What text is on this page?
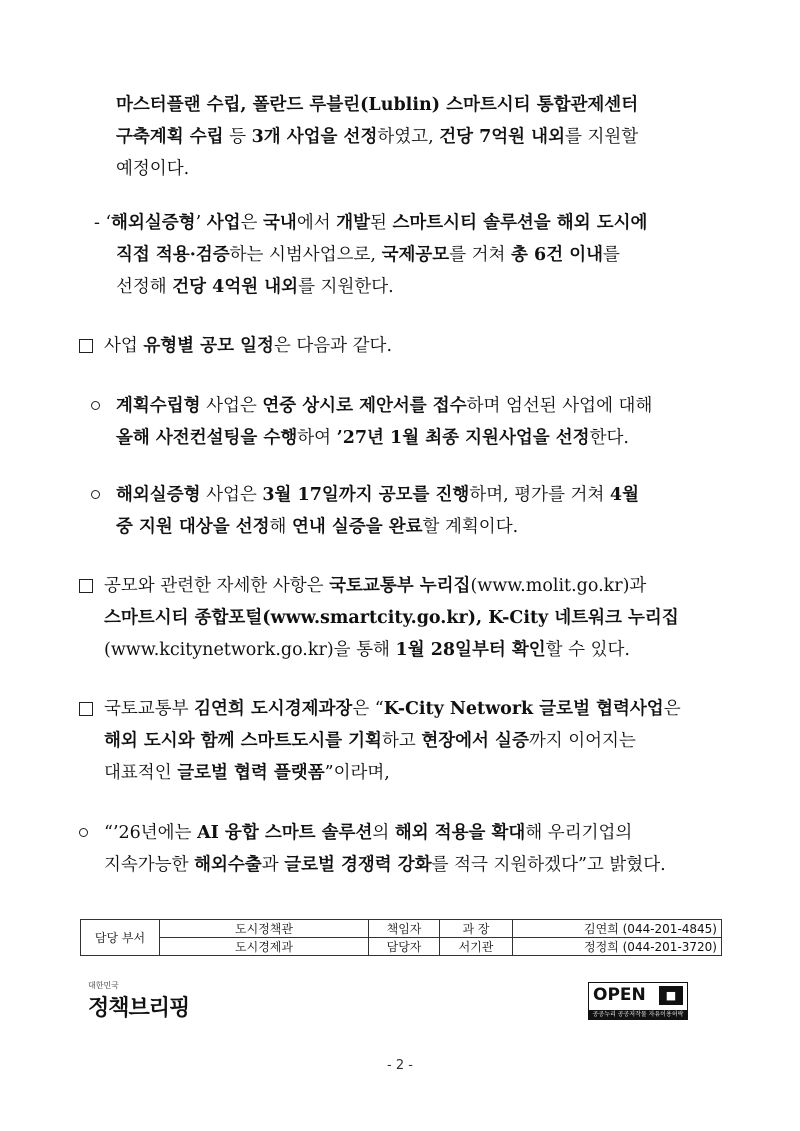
마스터플랜 수립, 폴란드 루블린(Lublin) 스마트시티 통합관제센터
구축계획 수립 등 3개 사업을 선정하였고, 건당 7억원 내외를 지원할
예정이다.
- ‘해외실증형’ 사업은 국내에서 개발된 스마트시티 솔루션을 해외 도시에
직접 적용·검증하는 시범사업으로, 국제공모를 거쳐 총 6건 이내를
선정해 건당 4억원 내외를 지원한다.
사업 유형별 공모 일정은 다음과 같다.
계획수립형 사업은 연중 상시로 제안서를 접수하며 엄선된 사업에 대해
올해 사전컨설팅을 수행하여 ’27년 1월 최종 지원사업을 선정한다.
해외실증형 사업은 3월 17일까지 공모를 진행하며, 평가를 거쳐 4월
중 지원 대상을 선정해 연내 실증을 완료할 계획이다.
공모와 관련한 자세한 사항은 국토교통부 누리집(www.molit.go.kr)과
스마트시티 종합포털(www.smartcity.go.kr), K-City 네트워크 누리집
(www.kcitynetwork.go.kr)을 통해 1월 28일부터 확인할 수 있다.
국토교통부 김연희 도시경제과장은 “K-City Network 글로벌 협력사업은
해외 도시와 함께 스마트도시를 기획하고 현장에서 실증까지 이어지는
대표적인 글로벌 협력 플랫폼”이라며,
“’26년에는 AI 융합 스마트 솔루션의 해외 적용을 확대해 우리기업의
지속가능한 해외수출과 글로벌 경쟁력 강화를 적극 지원하겠다”고 밝혔다.
담당 부서	도시정책관	책임자	과 장	김연희 (044-201-4845)
	도시경제과	담당자	서기관	정정희 (044-201-3720)
대한민국
정책브리핑
OPEN	■
공공누리 공공저작물 자유이용허락
- 2 -
